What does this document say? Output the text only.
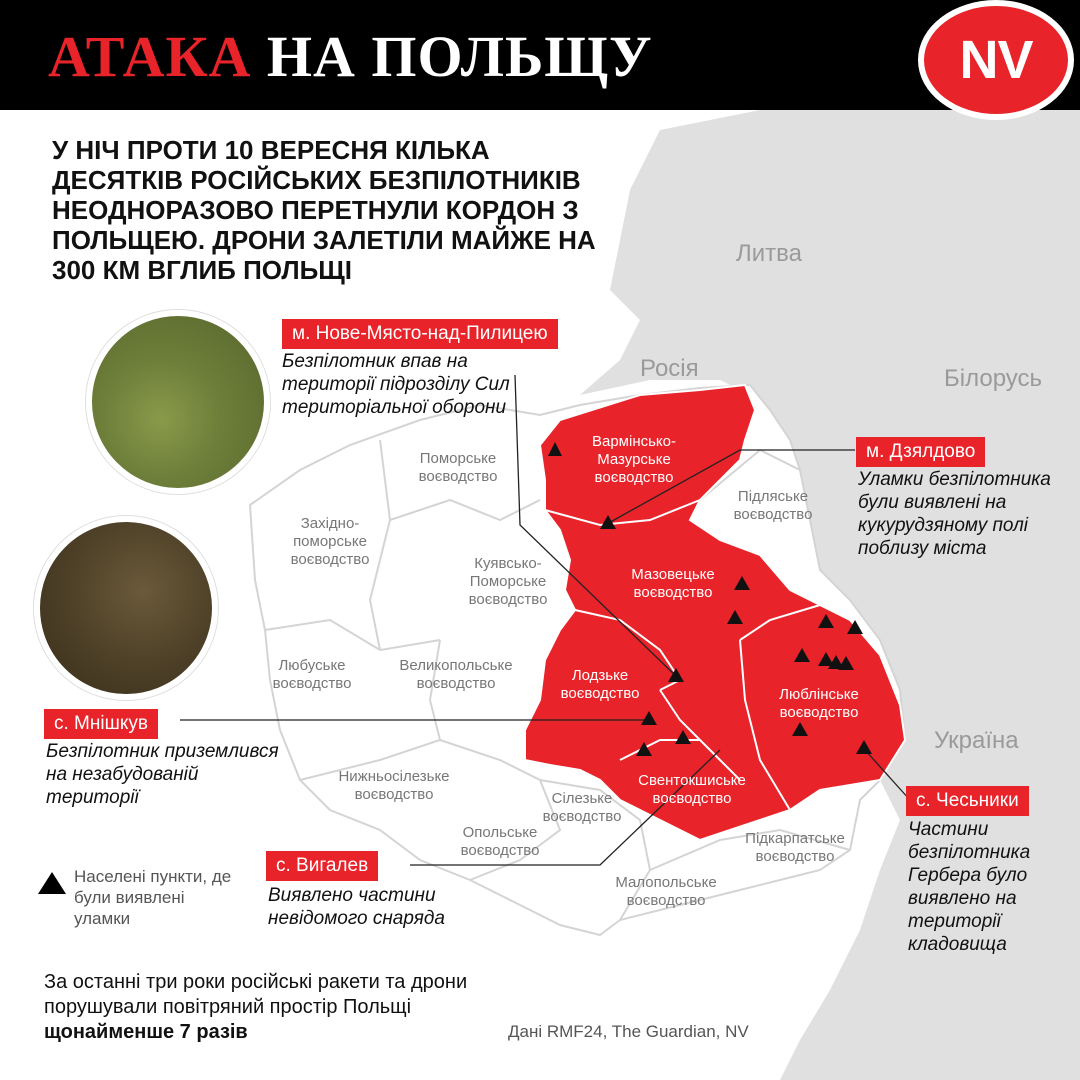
АТАКА НА ПОЛЬЩУ	NV

У НІЧ ПРОТИ 10 ВЕРЕСНЯ КІЛЬКА ДЕСЯТКІВ РОСІЙСЬКИХ БЕЗПІЛОТНИКІВ НЕОДНОРАЗОВО ПЕРЕТНУЛИ КОРДОН З ПОЛЬЩЕЮ. ДРОНИ ЗАЛЕТІЛИ МАЙЖЕ НА 300 КМ ВГЛИБ ПОЛЬЩІ

Литва
Росія	Білорусь
Україна
Поморське
воєводство
Західно-
поморське
воєводство	Куявсько-
Поморське
воєводство
Любуське
воєводство
Великопольське
воєводство
Нижньосілезьке
воєводство
Опольське
воєводство
Сілезьке
воєводство
Малопольське
воєводство
Підкарпатське
воєводство
Підляське
воєводство
Вармінсько-
Мазурське
воєводство
Мазовецьке
воєводство
Лодзьке
воєводство	Люблінське
воєводство
Свентокшиське
воєводство
м. Нове-Място-над-Пилицею

Безпілотник впав на території підрозділу Сил територіальної оборони

м. Дзялдово

Уламки безпілотника були виявлені на кукурудзяному полі поблизу міста

с. Мнішкув

Безпілотник приземлився на незабудованій території

с. Вигалев

Виявлено частини невідомого снаряда

с. Чесьники

Частини безпілотника Гербера було виявлено на території кладовища

Населені пункти, де були виявлені уламки

За останні три роки російські ракети та дрони порушували повітряний простір Польщі щонайменше 7 разів	Дані RMF24, The Guardian, NV
